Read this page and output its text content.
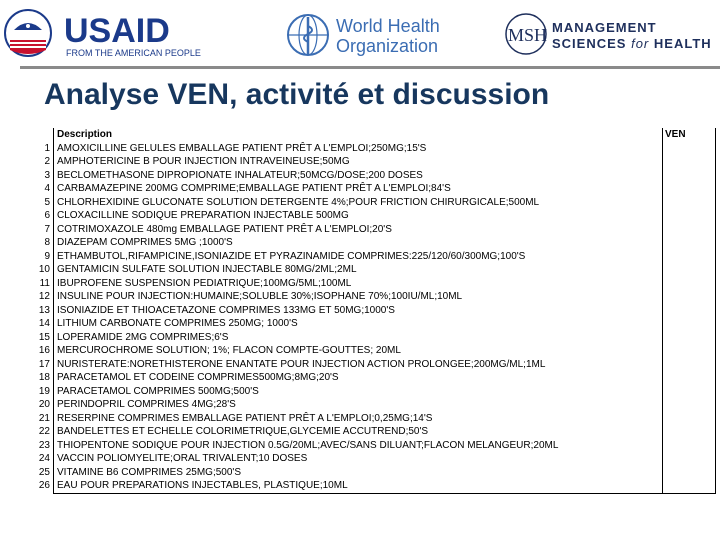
USAID
FROM THE AMERICAN PEOPLE
World Health
Organization
MSH MANAGEMENT
SCIENCES for HEALTH
Analyse VEN, activité et discussion
	Description	VEN
1	AMOXICILLINE GELULES EMBALLAGE PATIENT PRÊT A L'EMPLOI;250MG;15'S	
2	AMPHOTERICINE B POUR INJECTION INTRAVEINEUSE;50MG	
3	BECLOMETHASONE DIPROPIONATE INHALATEUR;50MCG/DOSE;200 DOSES	
4	CARBAMAZEPINE 200MG COMPRIME;EMBALLAGE PATIENT PRÊT A L'EMPLOI;84'S	
5	CHLORHEXIDINE GLUCONATE SOLUTION DETERGENTE 4%;POUR FRICTION CHIRURGICALE;500ML	
6	CLOXACILLINE SODIQUE PREPARATION INJECTABLE 500MG	
7	COTRIMOXAZOLE 480mg EMBALLAGE PATIENT PRÊT A L'EMPLOI;20'S	
8	DIAZEPAM COMPRIMES 5MG ;1000'S	
9	ETHAMBUTOL,RIFAMPICINE,ISONIAZIDE ET PYRAZINAMIDE COMPRIMES:225/120/60/300MG;100'S	
10	GENTAMICIN SULFATE SOLUTION INJECTABLE 80MG/2ML;2ML	
11	IBUPROFENE SUSPENSION PEDIATRIQUE;100MG/5ML;100ML	
12	INSULINE POUR INJECTION:HUMAINE;SOLUBLE 30%;ISOPHANE 70%;100IU/ML;10ML	
13	ISONIAZIDE ET THIOACETAZONE COMPRIMES 133MG ET 50MG;1000'S	
14	LITHIUM CARBONATE COMPRIMES 250MG; 1000'S	
15	LOPERAMIDE 2MG COMPRIMES;6'S	
16	MERCUROCHROME SOLUTION; 1%; FLACON COMPTE-GOUTTES; 20ML	
17	NURISTERATE:NORETHISTERONE ENANTATE POUR INJECTION ACTION PROLONGEE;200MG/ML;1ML	
18	PARACETAMOL ET CODEINE COMPRIMES500MG;8MG;20'S	
19	PARACETAMOL COMPRIMES 500MG;500'S	
20	PERINDOPRIL COMPRIMES 4MG;28'S	
21	RESERPINE COMPRIMES EMBALLAGE PATIENT PRÊT A L'EMPLOI;0,25MG;14'S	
22	BANDELETTES ET ECHELLE COLORIMETRIQUE,GLYCEMIE ACCUTREND;50'S	
23	THIOPENTONE SODIQUE POUR INJECTION 0.5G/20ML;AVEC/SANS DILUANT;FLACON MELANGEUR;20ML	
24	VACCIN POLIOMYELITE;ORAL TRIVALENT;10 DOSES	
25	VITAMINE B6 COMPRIMES 25MG;500'S	
26	EAU POUR PREPARATIONS INJECTABLES, PLASTIQUE;10ML	
